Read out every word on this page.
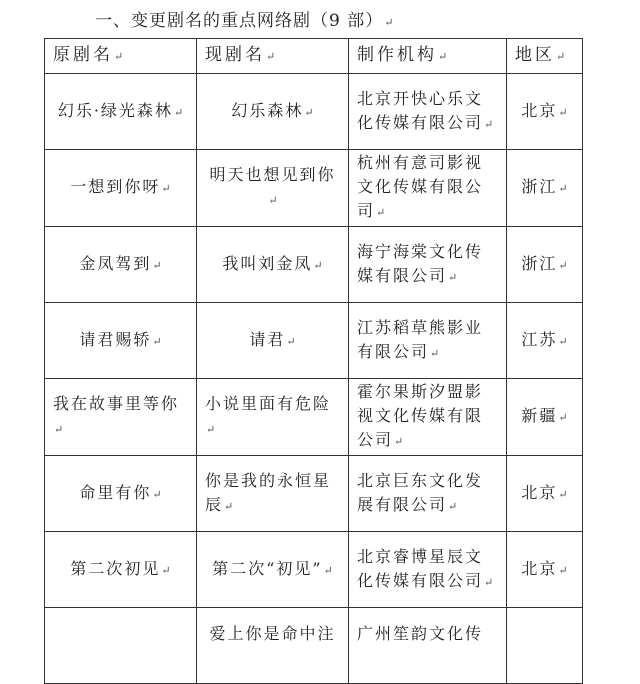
一、变更剧名的重点网络剧（9 部）↵
原剧名↵	现剧名↵	制作机构↵	地区↵
幻乐·绿光森林↵	幻乐森林↵	北京开快心乐文化传媒有限公司↵	北京↵
一想到你呀↵	明天也想见到你↵	杭州有意司影视文化传媒有限公司↵	浙江↵
金凤驾到↵	我叫刘金凤↵	海宁海棠文化传媒有限公司↵	浙江↵
请君赐轿↵	请君↵	江苏稻草熊影业有限公司↵	江苏↵
我在故事里等你↵	小说里面有危险↵	霍尔果斯汐盟影视文化传媒有限公司↵	新疆↵
命里有你↵	你是我的永恒星辰↵	北京巨东文化发展有限公司↵	北京↵
第二次初见↵	第二次“初见”↵	北京睿博星辰文化传媒有限公司↵	北京↵
	爱上你是命中注	广州笙韵文化传	
